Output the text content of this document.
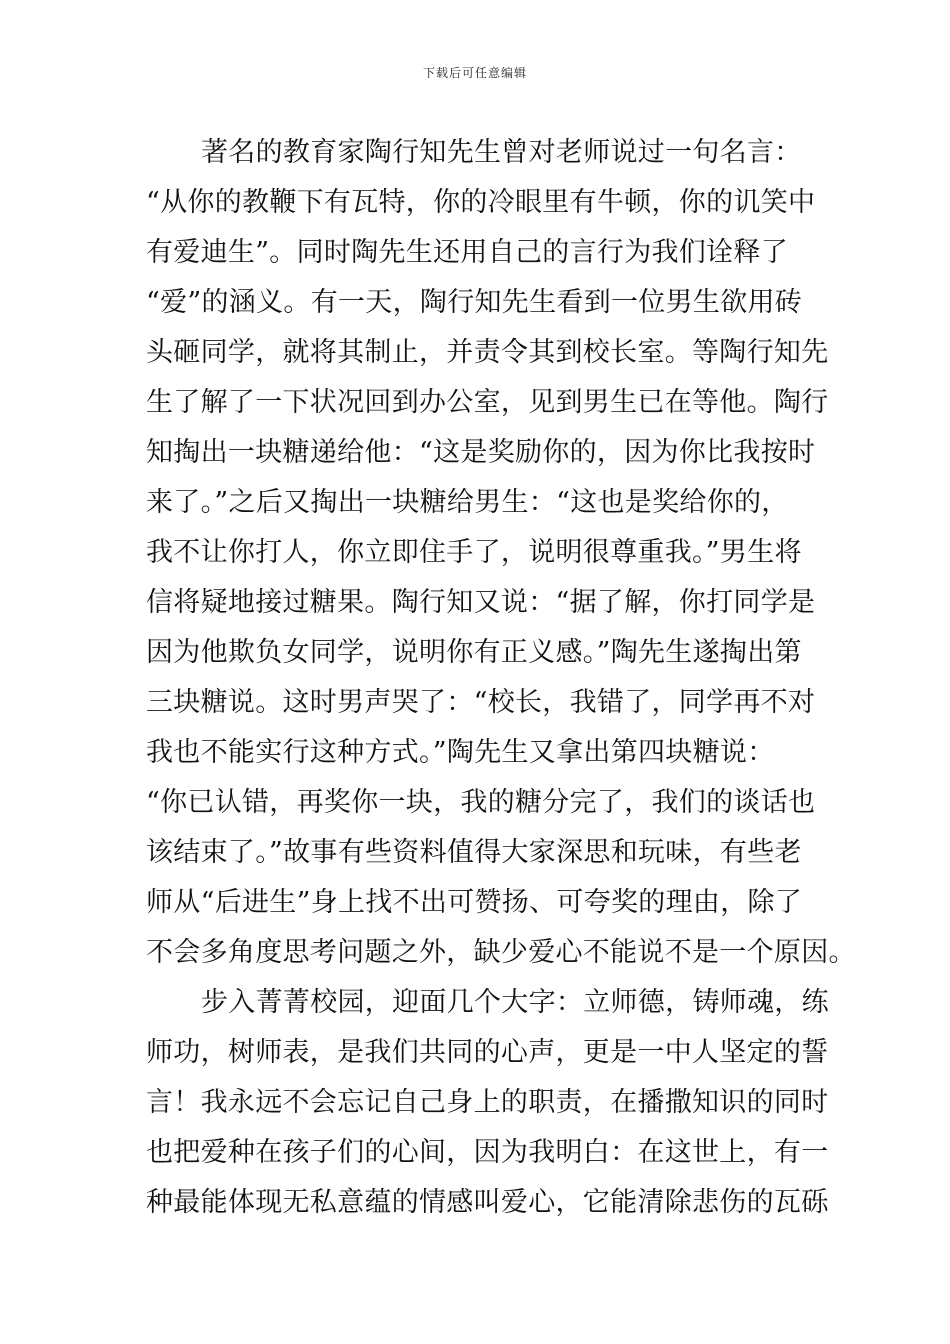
下载后可任意编辑
著名的教育家陶行知先生曾对老师说过一句名言：
“从你的教鞭下有瓦特，你的冷眼里有牛顿，你的讥笑中
有爱迪生”。同时陶先生还用自己的言行为我们诠释了
“爱”的涵义。有一天，陶行知先生看到一位男生欲用砖
头砸同学，就将其制止，并责令其到校长室。等陶行知先
生了解了一下状况回到办公室，见到男生已在等他。陶行
知掏出一块糖递给他：“这是奖励你的，因为你比我按时
来了。”之后又掏出一块糖给男生：“这也是奖给你的，
我不让你打人，你立即住手了，说明很尊重我。”男生将
信将疑地接过糖果。陶行知又说：“据了解，你打同学是
因为他欺负女同学，说明你有正义感。”陶先生遂掏出第
三块糖说。这时男声哭了：“校长，我错了，同学再不对
我也不能实行这种方式。”陶先生又拿出第四块糖说：
“你已认错，再奖你一块，我的糖分完了，我们的谈话也
该结束了。”故事有些资料值得大家深思和玩味，有些老
师从“后进生”身上找不出可赞扬、可夸奖的理由，除了
不会多角度思考问题之外，缺少爱心不能说不是一个原因。
步入菁菁校园，迎面几个大字：立师德，铸师魂，练
师功，树师表，是我们共同的心声，更是一中人坚定的誓
言！我永远不会忘记自己身上的职责，在播撒知识的同时
也把爱种在孩子们的心间，因为我明白：在这世上，有一
种最能体现无私意蕴的情感叫爱心，它能清除悲伤的瓦砾
